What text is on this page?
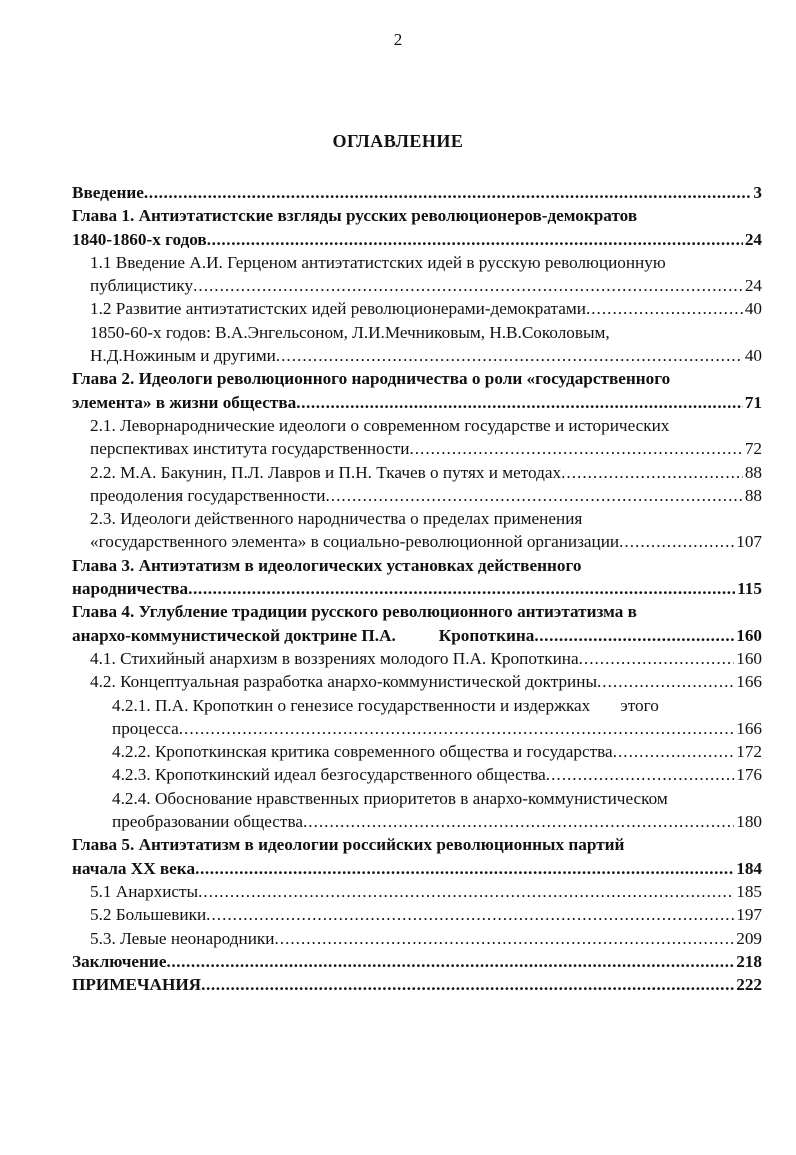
2
ОГЛАВЛЕНИЕ
Введение .....	3
Глава 1. Антиэтатистские взгляды русских революционеров-демократов
1840-1860-х годов .....	24
1.1 Введение А.И. Герценом антиэтатистских идей в русскую революционную
публицистику .....	24
1.2 Развитие антиэтатистских идей революционерами-демократами .....	40
1850-60-х годов: В.А.Энгельсоном, Л.И.Мечниковым, Н.В.Соколовым,
Н.Д.Ножиным и другими .....	40
Глава 2. Идеологи революционного народничества о роли «государственного
элемента» в жизни общества .....	71
2.1. Леворнароднические идеологи о современном государстве и исторических
перспективах института государственности .....	72
2.2. М.А. Бакунин, П.Л. Лавров и П.Н. Ткачев о путях и методах .....	88
преодоления государственности .....	88
2.3. Идеологи действенного народничества о пределах применения
«государственного элемента» в социально-революционной организации .....	107
Глава 3. Антиэтатизм в идеологических установках действенного
народничества .....	115
Глава 4. Углубление традиции русского революционного антиэтатизма в
анархо-коммунистической доктрине П.А.          Кропоткина .....	160
4.1. Стихийный анархизм в воззрениях молодого П.А. Кропоткина .....	160
4.2. Концептуальная разработка анархо-коммунистической доктрины .....	166
4.2.1. П.А. Кропоткин о генезисе государственности и издержках       этого
процесса .....	166
4.2.2. Кропоткинская критика современного общества и государства .....	172
4.2.3. Кропоткинский идеал безгосударственного общества .....	176
4.2.4. Обоснование нравственных приоритетов в анархо-коммунистическом
преобразовании общества .....	180
Глава 5. Антиэтатизм в идеологии российских революционных партий
начала XX века .....	184
5.1 Анархисты .....	185
5.2 Большевики .....	197
5.3. Левые неонародники .....	209
Заключение .....	218
ПРИМЕЧАНИЯ .....	222
